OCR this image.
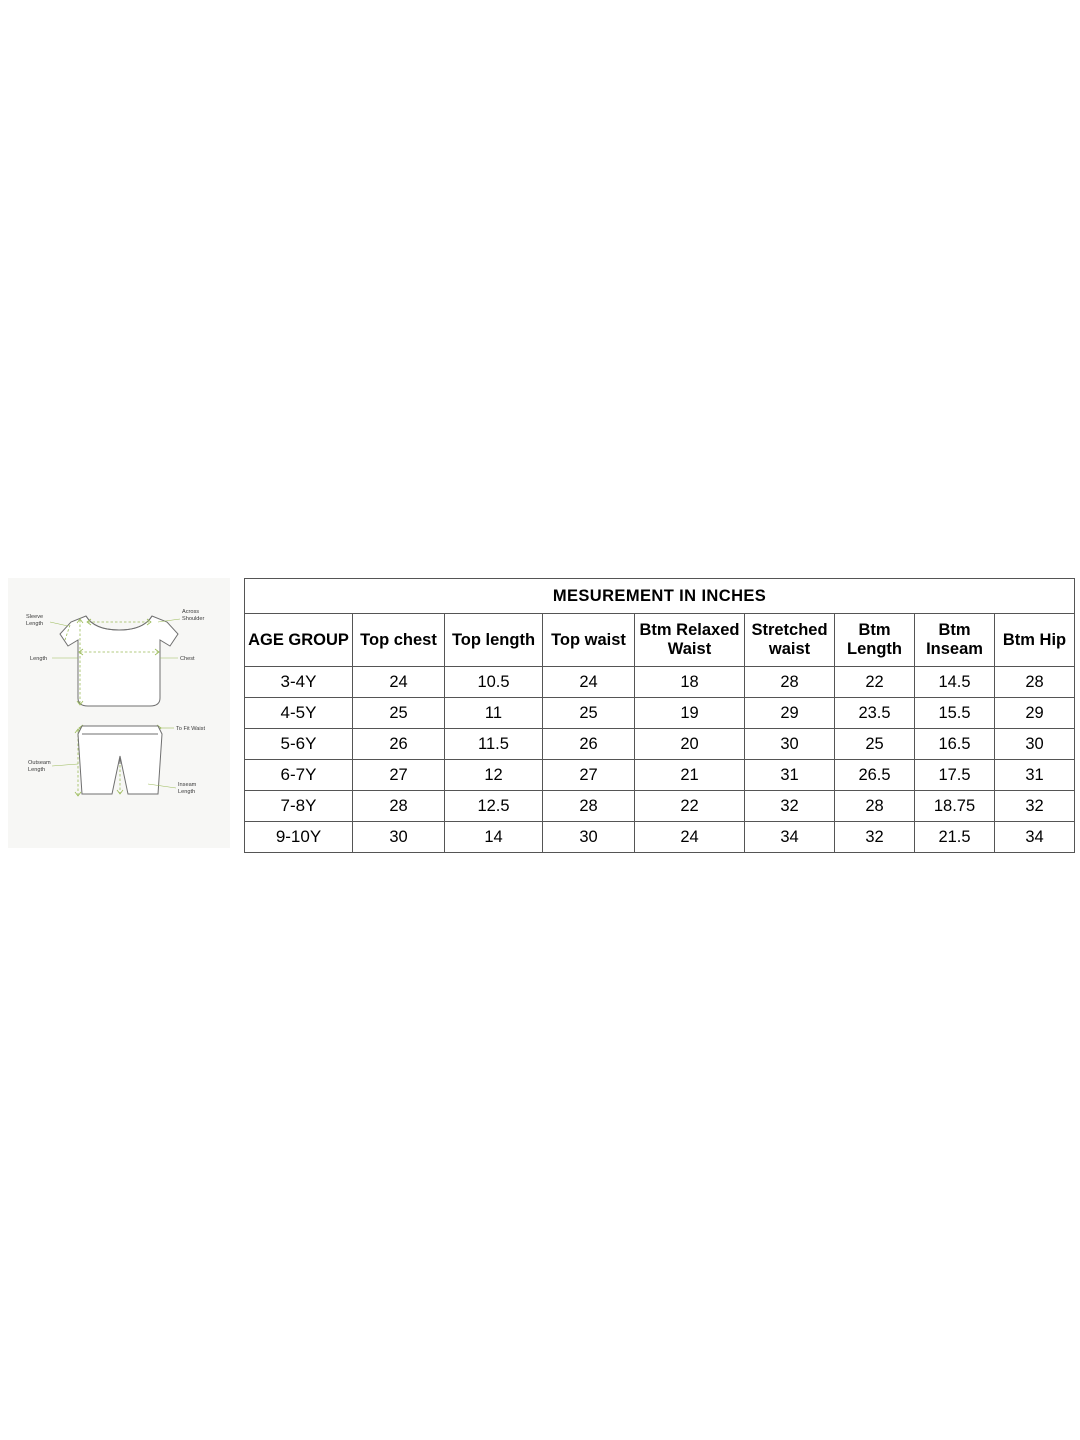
Sleeve
Length
Across
Shoulder
Length	Chest
To Fit Waist
Outseam
Length
Inseam
Length
MESUREMENT IN INCHES								
AGE GROUP	Top chest	Top length	Top waist	Btm Relaxed Waist	Stretched waist	Btm Length	Btm Inseam	Btm Hip
3-4Y	24	10.5	24	18	28	22	14.5	28
4-5Y	25	11	25	19	29	23.5	15.5	29
5-6Y	26	11.5	26	20	30	25	16.5	30
6-7Y	27	12	27	21	31	26.5	17.5	31
7-8Y	28	12.5	28	22	32	28	18.75	32
9-10Y	30	14	30	24	34	32	21.5	34
